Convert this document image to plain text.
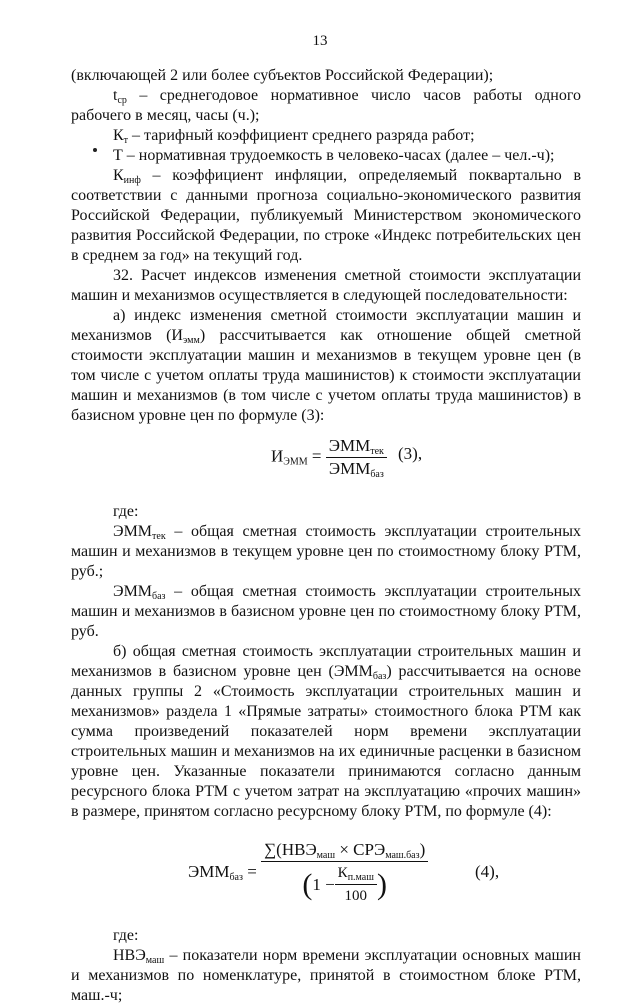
13

(включающей 2 или более субъектов Российской Федерации);

$t_{ср}$ – среднегодовое нормативное число часов работы одного рабочего в месяц, часы (ч.);

$К_т$ – тарифный коэффициент среднего разряда работ;

Т – нормативная трудоемкость в человеко-часах (далее – чел.-ч);

$К_{инф}$ – коэффициент инфляции, определяемый поквартально в соответствии с данными прогноза социально-экономического развития Российской Федерации, публикуемый Министерством экономического развития Российской Федерации, по строке «Индекс потребительских цен в среднем за год» на текущий год.

32. Расчет индексов изменения сметной стоимости эксплуатации машин и механизмов осуществляется в следующей последовательности:

а) индекс изменения сметной стоимости эксплуатации машин и механизмов $(И_{эмм})$ рассчитывается как отношение общей сметной стоимости эксплуатации машин и механизмов в текущем уровне цен (в том числе с учетом оплаты труда машинистов) к стоимости эксплуатации машин и механизмов (в том числе с учетом оплаты труда машинистов) в базисном уровне цен по формуле (3):

$И_{ЭММ} = \frac{ЭММ_{тек}}{ЭММ_{баз}} (3)$,

где:

$ЭММ_{тек}$ – общая сметная стоимость эксплуатации строительных машин и механизмов в текущем уровне цен по стоимостному блоку РТМ, руб.;

$ЭММ_{баз}$ – общая сметная стоимость эксплуатации строительных машин и механизмов в базисном уровне цен по стоимостному блоку РТМ, руб.

б) общая сметная стоимость эксплуатации строительных машин и механизмов в базисном уровне цен $(ЭММ_{баз})$ рассчитывается на основе данных группы 2 «Стоимость эксплуатации строительных машин и механизмов» раздела 1 «Прямые затраты» стоимостного блока РТМ как сумма произведений показателей норм времени эксплуатации строительных машин и механизмов на их единичные расценки в базисном уровне цен. Указанные показатели принимаются согласно данным ресурсного блока РТМ с учетом затрат на эксплуатацию «прочих машин» в размере, принятом согласно ресурсному блоку РТМ, по формуле (4):

$ЭММ_{баз}$ =
$\sum(НВЭ_{маш} \times СРЭ_{маш.баз})$
( $1 - \frac{К_{п.маш}}{100}$ )	(4),

где:

$НВЭ_{маш}$ – показатели норм времени эксплуатации основных машин и механизмов по номенклатуре, принятой в стоимостном блоке РТМ, маш.-ч;
